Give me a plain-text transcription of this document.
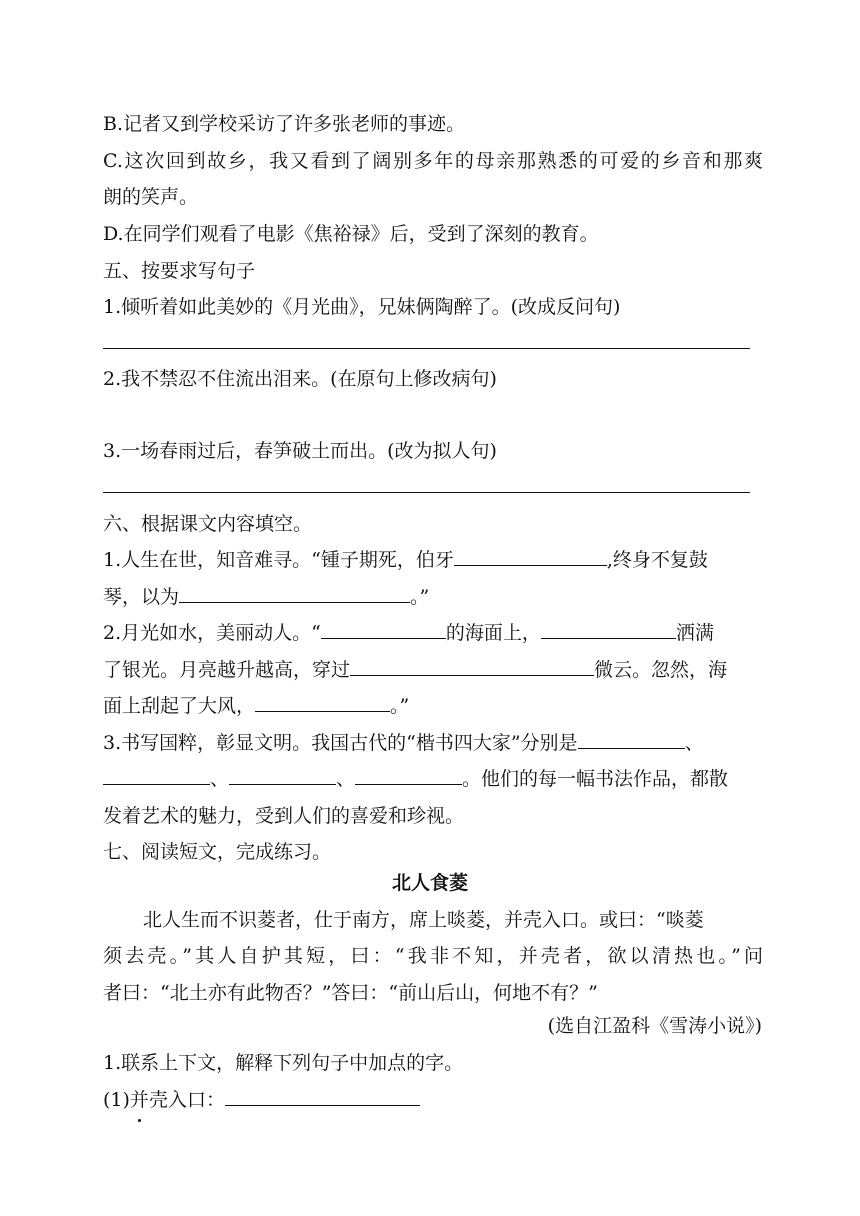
B.记者又到学校采访了许多张老师的事迹。
C.这次回到故乡，我又看到了阔别多年的母亲那熟悉的可爱的乡音和那爽
朗的笑声。
D.在同学们观看了电影《焦裕禄》后，受到了深刻的教育。
五、按要求写句子
1.倾听着如此美妙的《月光曲》，兄妹俩陶醉了。(改成反问句)
2.我不禁忍不住流出泪来。(在原句上修改病句)
3.一场春雨过后，春笋破土而出。(改为拟人句)
六、根据课文内容填空。
1.人生在世，知音难寻。“锺子期死，伯牙	,终身不复鼓
琴，以为	。”
2.月光如水，美丽动人。“	的海面上，	洒满
了银光。月亮越升越高，穿过	微云。忽然，海
面上刮起了大风，	。”
3.书写国粹，彰显文明。我国古代的“楷书四大家”分别是	、
、	、	。他们的每一幅书法作品，都散
发着艺术的魅力，受到人们的喜爱和珍视。
七、阅读短文，完成练习。
北人食菱
北人生而不识菱者，仕于南方，席上啖菱，并壳入口。或曰：“啖菱
须去壳。”其人自护其短，曰：“我非不知，并壳者，欲以清热也。”问
者曰：“北土亦有此物否？”答曰：“前山后山，何地不有？”
(选自江盈科《雪涛小说》)
1.联系上下文，解释下列句子中加点的字。
(1)并壳入口：
